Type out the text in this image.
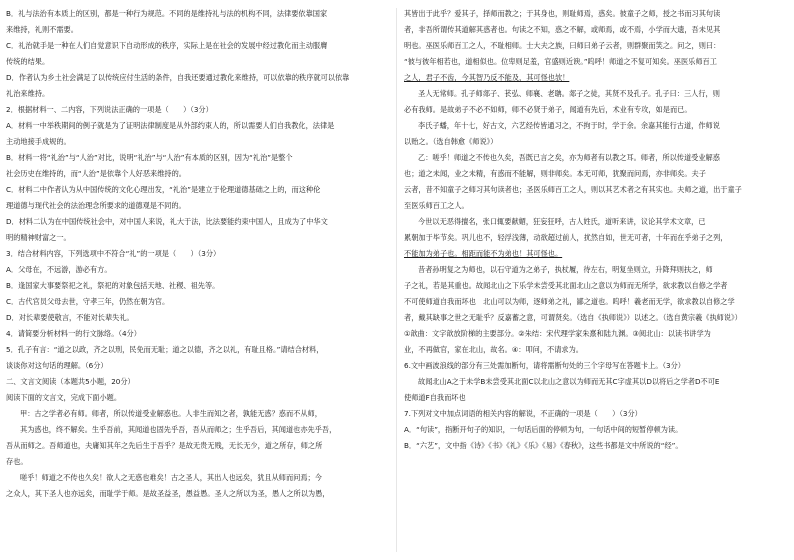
B．礼与法治有本质上的区别，都是一种行为规范。不同的是维持礼与法的机构不同，法律要依靠国家
来维持，礼则不需要。
C．礼治就手是一种在人们自觉意识下自动形成的秩序，实际上是在社会的发展中经过教化而主动服膺
传统的结果。
D．作者认为乡土社会满足了以传统应付生活的条件，自我还要通过教化来维持，可以依靠的秩序就可以依靠
礼治来维持。
2．根据材料一、二内容，下列说法正确的一项是（　　）（3分）
A．材料一中举秩期间的例子就是为了证明法律制度是从外部约束人的，所以需要人们自我教化，法律是
主动地接手成规的。
B．材料一将“礼治”与“人治”对比，说明“礼治”与“人治”有本质的区别，因为“礼治”是整个
社会历史在维持的，而“人治”是依靠个人好恶来维持的。
C．材料二中作者认为从中国传统的文化心理出发，“礼治”是建立于伦理道德基础之上的，而这种伦
理道德与现代社会的法治理念所要求的道德观是不同的。
D．材料二认为在中国传统社会中，对中国人来说，礼大于法，比法要能约束中国人，且成为了中华文
明的精神财富之一。
3．结合材料内容，下列选项中不符合“礼”的一项是（　　）（3分）
A．父母在，不远游，游必有方。
B．逢国家大事要祭祀之礼，祭祀的对象包括天地、社稷、祖先等。
C．古代官员父母去世，守孝三年，仍然在朝为官。
D．对长辈要使敬言，不能对长辈失礼。
4．请简要分析材料一的行文脉络。（4分）
5．孔子有言：“道之以政，齐之以刑，民免而无耻；道之以德，齐之以礼，有耻且格。”请结合材料，
谈谈你对这句话的理解。（6分）
二、文言文阅读（本题共5小题，20分）
阅读下面的文言文，完成下面小题。
甲：古之学者必有师。师者，所以传道受业解惑也。人非生而知之者，孰能无惑？惑而不从师，
其为惑也，终不解矣。生乎吾前，其闻道也固先乎吾，吾从而师之；生乎吾后，其闻道也亦先乎吾，
吾从而师之。吾师道也，夫庸知其年之先后生于吾乎？是故无贵无贱，无长无少，道之所存，师之所
存也。
嗟乎！师道之不传也久矣！欲人之无惑也难矣！古之圣人，其出人也远矣，犹且从师而问焉；今
之众人，其下圣人也亦远矣，而耻学于师。是故圣益圣，愚益愚。圣人之所以为圣，愚人之所以为愚，
其皆出于此乎？爱其子，择师而教之；于其身也，则耻师焉，惑矣。彼童子之师，授之书而习其句读
者，非吾所谓传其道解其惑者也。句读之不知，惑之不解，或师焉，或不焉，小学而大遗，吾未见其
明也。巫医乐师百工之人，不耻相师。士大夫之族，曰师曰弟子云者，则群聚而笑之。问之，则曰：
“彼与彼年相若也，道相似也。位卑则足羞，官盛则近谀。”呜呼！师道之不复可知矣。巫医乐师百工
之人，君子不齿，今其智乃反不能及，其可怪也欤！
圣人无常师。孔子师郯子、苌弘、师襄、老聃。郯子之徒，其贤不及孔子。孔子曰：三人行，则
必有我师。是故弟子不必不如师，师不必贤于弟子，闻道有先后，术业有专攻，如是而已。
李氏子蟠，年十七，好古文，六艺经传皆通习之，不拘于时，学于余。余嘉其能行古道，作师说
以贻之。（选自韩愈《师说》）
乙：嗟乎！师道之不传也久矣，吾既已言之矣，亦为师者有以教之耳。师者，所以传道受业解惑
也；道之未闻，业之未精，有惑而不能解，则非师矣。本无可师，犹聚而问焉，亦非师矣。夫子
云者，昔不知童子之师习其句读者也；圣医乐师百工之人，则以其艺术者之有其实也。夫师之道，出于童子
至医乐师百工之人。
今世以无恶得擅名，张口辄要献媚，狂妄狂呼，古人姓氏，道听来讲，议论其学术文章，已
累朝加于毕节矣。巩儿也不，轻浮浅薄，动欲超过前人，扰然自如，世无可者，十年而在乎弟子之列，
不能加为弟子也。相距而能不为弟也！其可怪也。
昔者孙明复之为师也，以石守道为之弟子，执杖履，待左右，明复坐则立，升降拜则扶之，师
子之礼，若是其重也。故闻北山之下乐学未尝受其北面北山之意以为师而无所学，欲求教以自修之学者
不可使师道自我而坏也　北山可以为师，逐师弟之礼，鄙之道也。呜呼！羲老而无学，欲求教以自修之学
者，戴其缺事之世之无耻乎？反嘉蓄之意，可谓贤矣。（选自《执师说》）以述之。（选自黄宗羲《执师说》）
①歆曲：文字歆放阶梯的主要部分。②朱结：宋代理学家朱熹和陆九渊。③阅北山：以读书讲学为
业，不再做官，家在北山，故名。④：叩问，不请求为。
6.文中画波浪线的部分有三处需加断句，请将需断句处的三个字母写在答题卡上。（3分）
故闻北山A之于未学B未尝受其北面C以北山之意以为师而无其C字虚其以D以将后之学者D不可E
使师道F自我而坏也
7.下列对文中加点词语的相关内容的解说，不正确的一项是（　　）（3分）
A．“句读”，指断开句子的知识，一句话后面的停顿为句，一句话中间的短暂停顿为读。
B．“六艺”，文中指《诗》《书》《礼》《乐》《易》《春秋》，这些书都是文中所说的“经”。
